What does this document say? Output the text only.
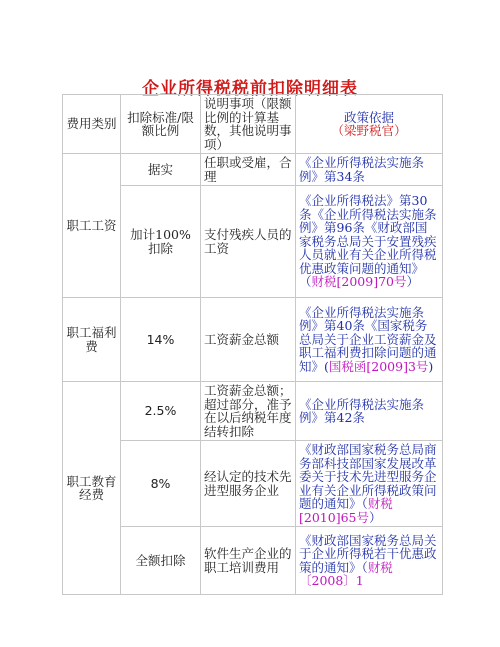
企业所得税税前扣除明细表
费用类别	扣除标准/限额比例	说明事项（限额比例的计算基数，其他说明事项）	政策依据
（梁野税官）

职工工资	据实	任职或受雇，合理	《企业所得税法实施条例》第34条
	加计100%扣除	支付残疾人员的工资	《企业所得税法》第30条《企业所得税法实施条例》第96条《财政部国家税务总局关于安置残疾人员就业有关企业所得税优惠政策问题的通知》（财税[2009]70号）
职工福利费	14%	工资薪金总额	《企业所得税法实施条例》第40条《国家税务总局关于企业工资薪金及职工福利费扣除问题的通知》(国税函[2009]3号)
职工教育经费	2.5%	工资薪金总额；超过部分，准予在以后纳税年度结转扣除	《企业所得税法实施条例》第42条
	8%	经认定的技术先进型服务企业	《财政部国家税务总局商务部科技部国家发展改革委关于技术先进型服务企业有关企业所得税政策问题的通知》（财税[2010]65号）
	全额扣除	软件生产企业的职工培训费用	《财政部国家税务总局关于企业所得税若干优惠政策的通知》（财税〔2008〕1
